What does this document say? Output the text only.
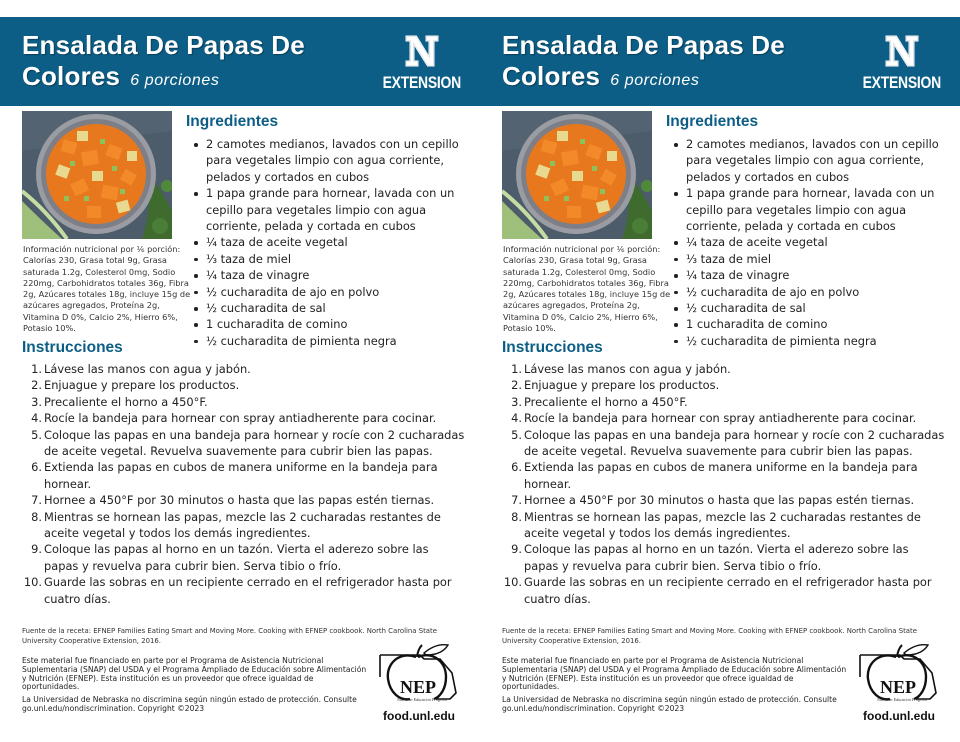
Ensalada De Papas De
Colores 6 porciones	EXTENSION
Información nutricional por ⅙ porción: Calorías 230, Grasa total 9g, Grasa saturada 1.2g, Colesterol 0mg, Sodio 220mg, Carbohidratos totales 36g, Fibra 2g, Azúcares totales 18g, incluye 15g de azúcares agregados, Proteína 2g, Vitamina D 0%, Calcio 2%, Hierro 6%, Potasio 10%.
Ingredientes
2 camotes medianos, lavados con un cepillo para vegetales limpio con agua corriente, pelados y cortados en cubos
1 papa grande para hornear, lavada con un cepillo para vegetales limpio con agua corriente, pelada y cortada en cubos
¼ taza de aceite vegetal
⅓ taza de miel
¼ taza de vinagre
½ cucharadita de ajo en polvo
½ cucharadita de sal
1 cucharadita de comino
½ cucharadita de pimienta negra
Instrucciones
1. Lávese las manos con agua y jabón.
2. Enjuague y prepare los productos.
3. Precaliente el horno a 450°F.
4. Rocíe la bandeja para hornear con spray antiadherente para cocinar.
5. Coloque las papas en una bandeja para hornear y rocíe con 2 cucharadas de aceite vegetal. Revuelva suavemente para cubrir bien las papas.
6. Extienda las papas en cubos de manera uniforme en la bandeja para hornear.
7. Hornee a 450°F por 30 minutos o hasta que las papas estén tiernas.
8. Mientras se hornean las papas, mezcle las 2 cucharadas restantes de aceite vegetal y todos los demás ingredientes.
9. Coloque las papas al horno en un tazón. Vierta el aderezo sobre las papas y revuelva para cubrir bien. Serva tibio o frío.
10. Guarde las sobras en un recipiente cerrado en el refrigerador hasta por cuatro días.
Fuente de la receta: EFNEP Families Eating Smart and Moving More. Cooking with EFNEP cookbook. North Carolina State University Cooperative Extension, 2016.
Este material fue financiado en parte por el Programa de Asistencia Nutricional Suplementaria (SNAP) del USDA y el Programa Ampliado de Educación sobre Alimentación y Nutrición (EFNEP). Esta institución es un proveedor que ofrece igualdad de oportunidades.
La Universidad de Nebraska no discrimina según ningún estado de protección. Consulte go.unl.edu/nondiscrimination. Copyright ©2023
NEP
Nutrition Education Program
food.unl.edu
Ensalada De Papas De
Colores 6 porciones	EXTENSION
Información nutricional por ⅙ porción: Calorías 230, Grasa total 9g, Grasa saturada 1.2g, Colesterol 0mg, Sodio 220mg, Carbohidratos totales 36g, Fibra 2g, Azúcares totales 18g, incluye 15g de azúcares agregados, Proteína 2g, Vitamina D 0%, Calcio 2%, Hierro 6%, Potasio 10%.
Ingredientes
2 camotes medianos, lavados con un cepillo para vegetales limpio con agua corriente, pelados y cortados en cubos
1 papa grande para hornear, lavada con un cepillo para vegetales limpio con agua corriente, pelada y cortada en cubos
¼ taza de aceite vegetal
⅓ taza de miel
¼ taza de vinagre
½ cucharadita de ajo en polvo
½ cucharadita de sal
1 cucharadita de comino
½ cucharadita de pimienta negra
Instrucciones
1. Lávese las manos con agua y jabón.
2. Enjuague y prepare los productos.
3. Precaliente el horno a 450°F.
4. Rocíe la bandeja para hornear con spray antiadherente para cocinar.
5. Coloque las papas en una bandeja para hornear y rocíe con 2 cucharadas de aceite vegetal. Revuelva suavemente para cubrir bien las papas.
6. Extienda las papas en cubos de manera uniforme en la bandeja para hornear.
7. Hornee a 450°F por 30 minutos o hasta que las papas estén tiernas.
8. Mientras se hornean las papas, mezcle las 2 cucharadas restantes de aceite vegetal y todos los demás ingredientes.
9. Coloque las papas al horno en un tazón. Vierta el aderezo sobre las papas y revuelva para cubrir bien. Serva tibio o frío.
10. Guarde las sobras en un recipiente cerrado en el refrigerador hasta por cuatro días.
Fuente de la receta: EFNEP Families Eating Smart and Moving More. Cooking with EFNEP cookbook. North Carolina State University Cooperative Extension, 2016.
Este material fue financiado en parte por el Programa de Asistencia Nutricional Suplementaria (SNAP) del USDA y el Programa Ampliado de Educación sobre Alimentación y Nutrición (EFNEP). Esta institución es un proveedor que ofrece igualdad de oportunidades.
La Universidad de Nebraska no discrimina según ningún estado de protección. Consulte go.unl.edu/nondiscrimination. Copyright ©2023
NEP
Nutrition Education Program
food.unl.edu
